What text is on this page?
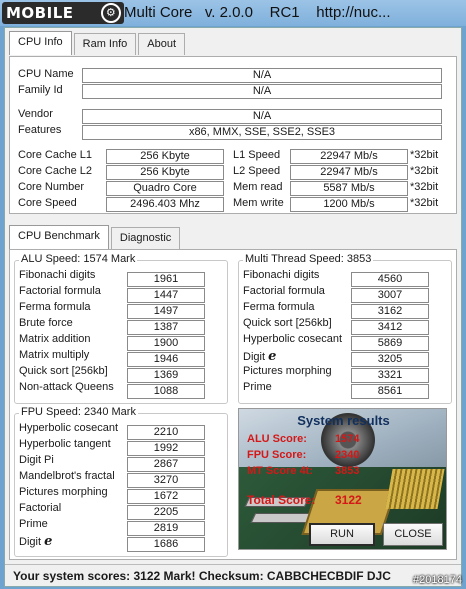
MOBILE	⚙ Multi Core   v. 2.0.0    RC1    http://nuc...
CPU Info	Ram Info	About
CPU Name	N/A
Family Id	N/A
Vendor	N/A
Features	x86, MMX, SSE, SSE2, SSE3
Core Cache L1	256 Kbyte
Core Cache L2	256 Kbyte
Core Number	Quadro Core
Core Speed	2496.403 Mhz
L1 Speed	22947 Mb/s	*32bit
L2 Speed	22947 Mb/s	*32bit
Mem read	5587 Mb/s	*32bit
Mem write	1200 Mb/s	*32bit
CPU Benchmark	Diagnostic
ALU Speed: 1574 Mark
Fibonachi digits	1961
Factorial formula	1447
Ferma formula	1497
Brute force	1387
Matrix addition	1900
Matrix multiply	1946
Quick sort [256kb]	1369
Non-attack Queens	1088
Multi Thread Speed: 3853
Fibonachi digits	4560
Factorial formula	3007
Ferma formula	3162
Quick sort [256kb]	3412
Hyperbolic cosecant	5869
Digit e	3205
Pictures morphing	3321
Prime	8561
FPU Speed: 2340 Mark
Hyperbolic cosecant	2210
Hyperbolic tangent	1992
Digit Pi	2867
Mandelbrot's fractal	3270
Pictures morphing	1672
Factorial	2205
Prime	2819
Digit e	1686
System results
ALU Score:	1574
FPU Score:	2340
MT Score 4t: 3853
Total Score: 3122
RUN	CLOSE
Your system scores: 3122 Mark! Checksum: CABBCHECBDIF DJC	#2018174
